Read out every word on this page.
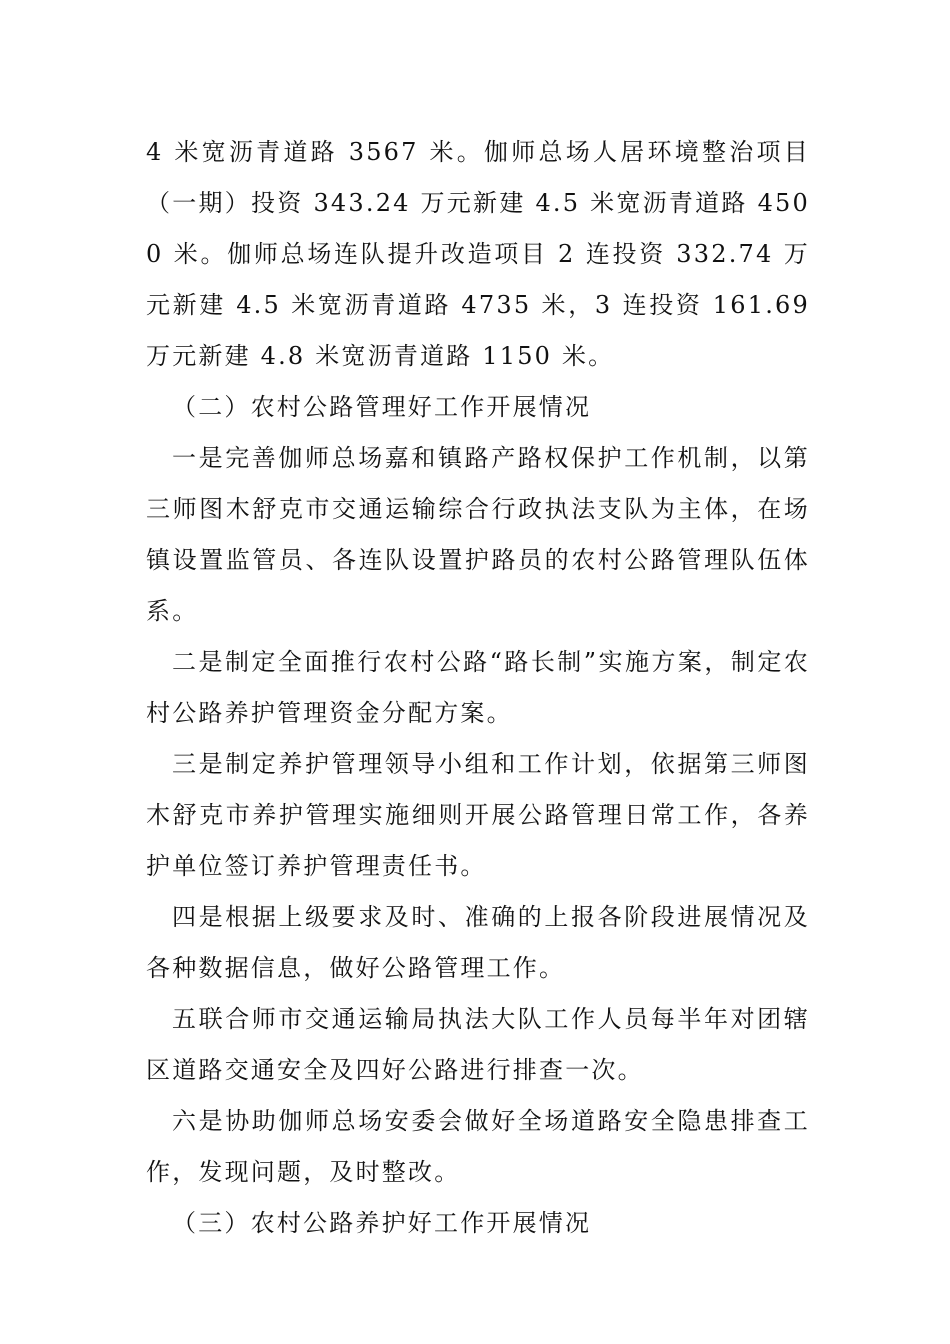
4 米宽沥青道路 3567 米。伽师总场人居环境整治项目（一期）投资 343.24 万元新建 4.5 米宽沥青道路 4500 米。伽师总场连队提升改造项目 2 连投资 332.74 万元新建 4.5 米宽沥青道路 4735 米，3 连投资 161.69 万元新建 4.8 米宽沥青道路 1150 米。

（二）农村公路管理好工作开展情况

一是完善伽师总场嘉和镇路产路权保护工作机制，以第三师图木舒克市交通运输综合行政执法支队为主体，在场镇设置监管员、各连队设置护路员的农村公路管理队伍体系。

二是制定全面推行农村公路“路长制”实施方案，制定农村公路养护管理资金分配方案。

三是制定养护管理领导小组和工作计划，依据第三师图木舒克市养护管理实施细则开展公路管理日常工作，各养护单位签订养护管理责任书。

四是根据上级要求及时、准确的上报各阶段进展情况及各种数据信息，做好公路管理工作。

五联合师市交通运输局执法大队工作人员每半年对团辖区道路交通安全及四好公路进行排查一次。

六是协助伽师总场安委会做好全场道路安全隐患排查工作，发现问题，及时整改。

（三）农村公路养护好工作开展情况
